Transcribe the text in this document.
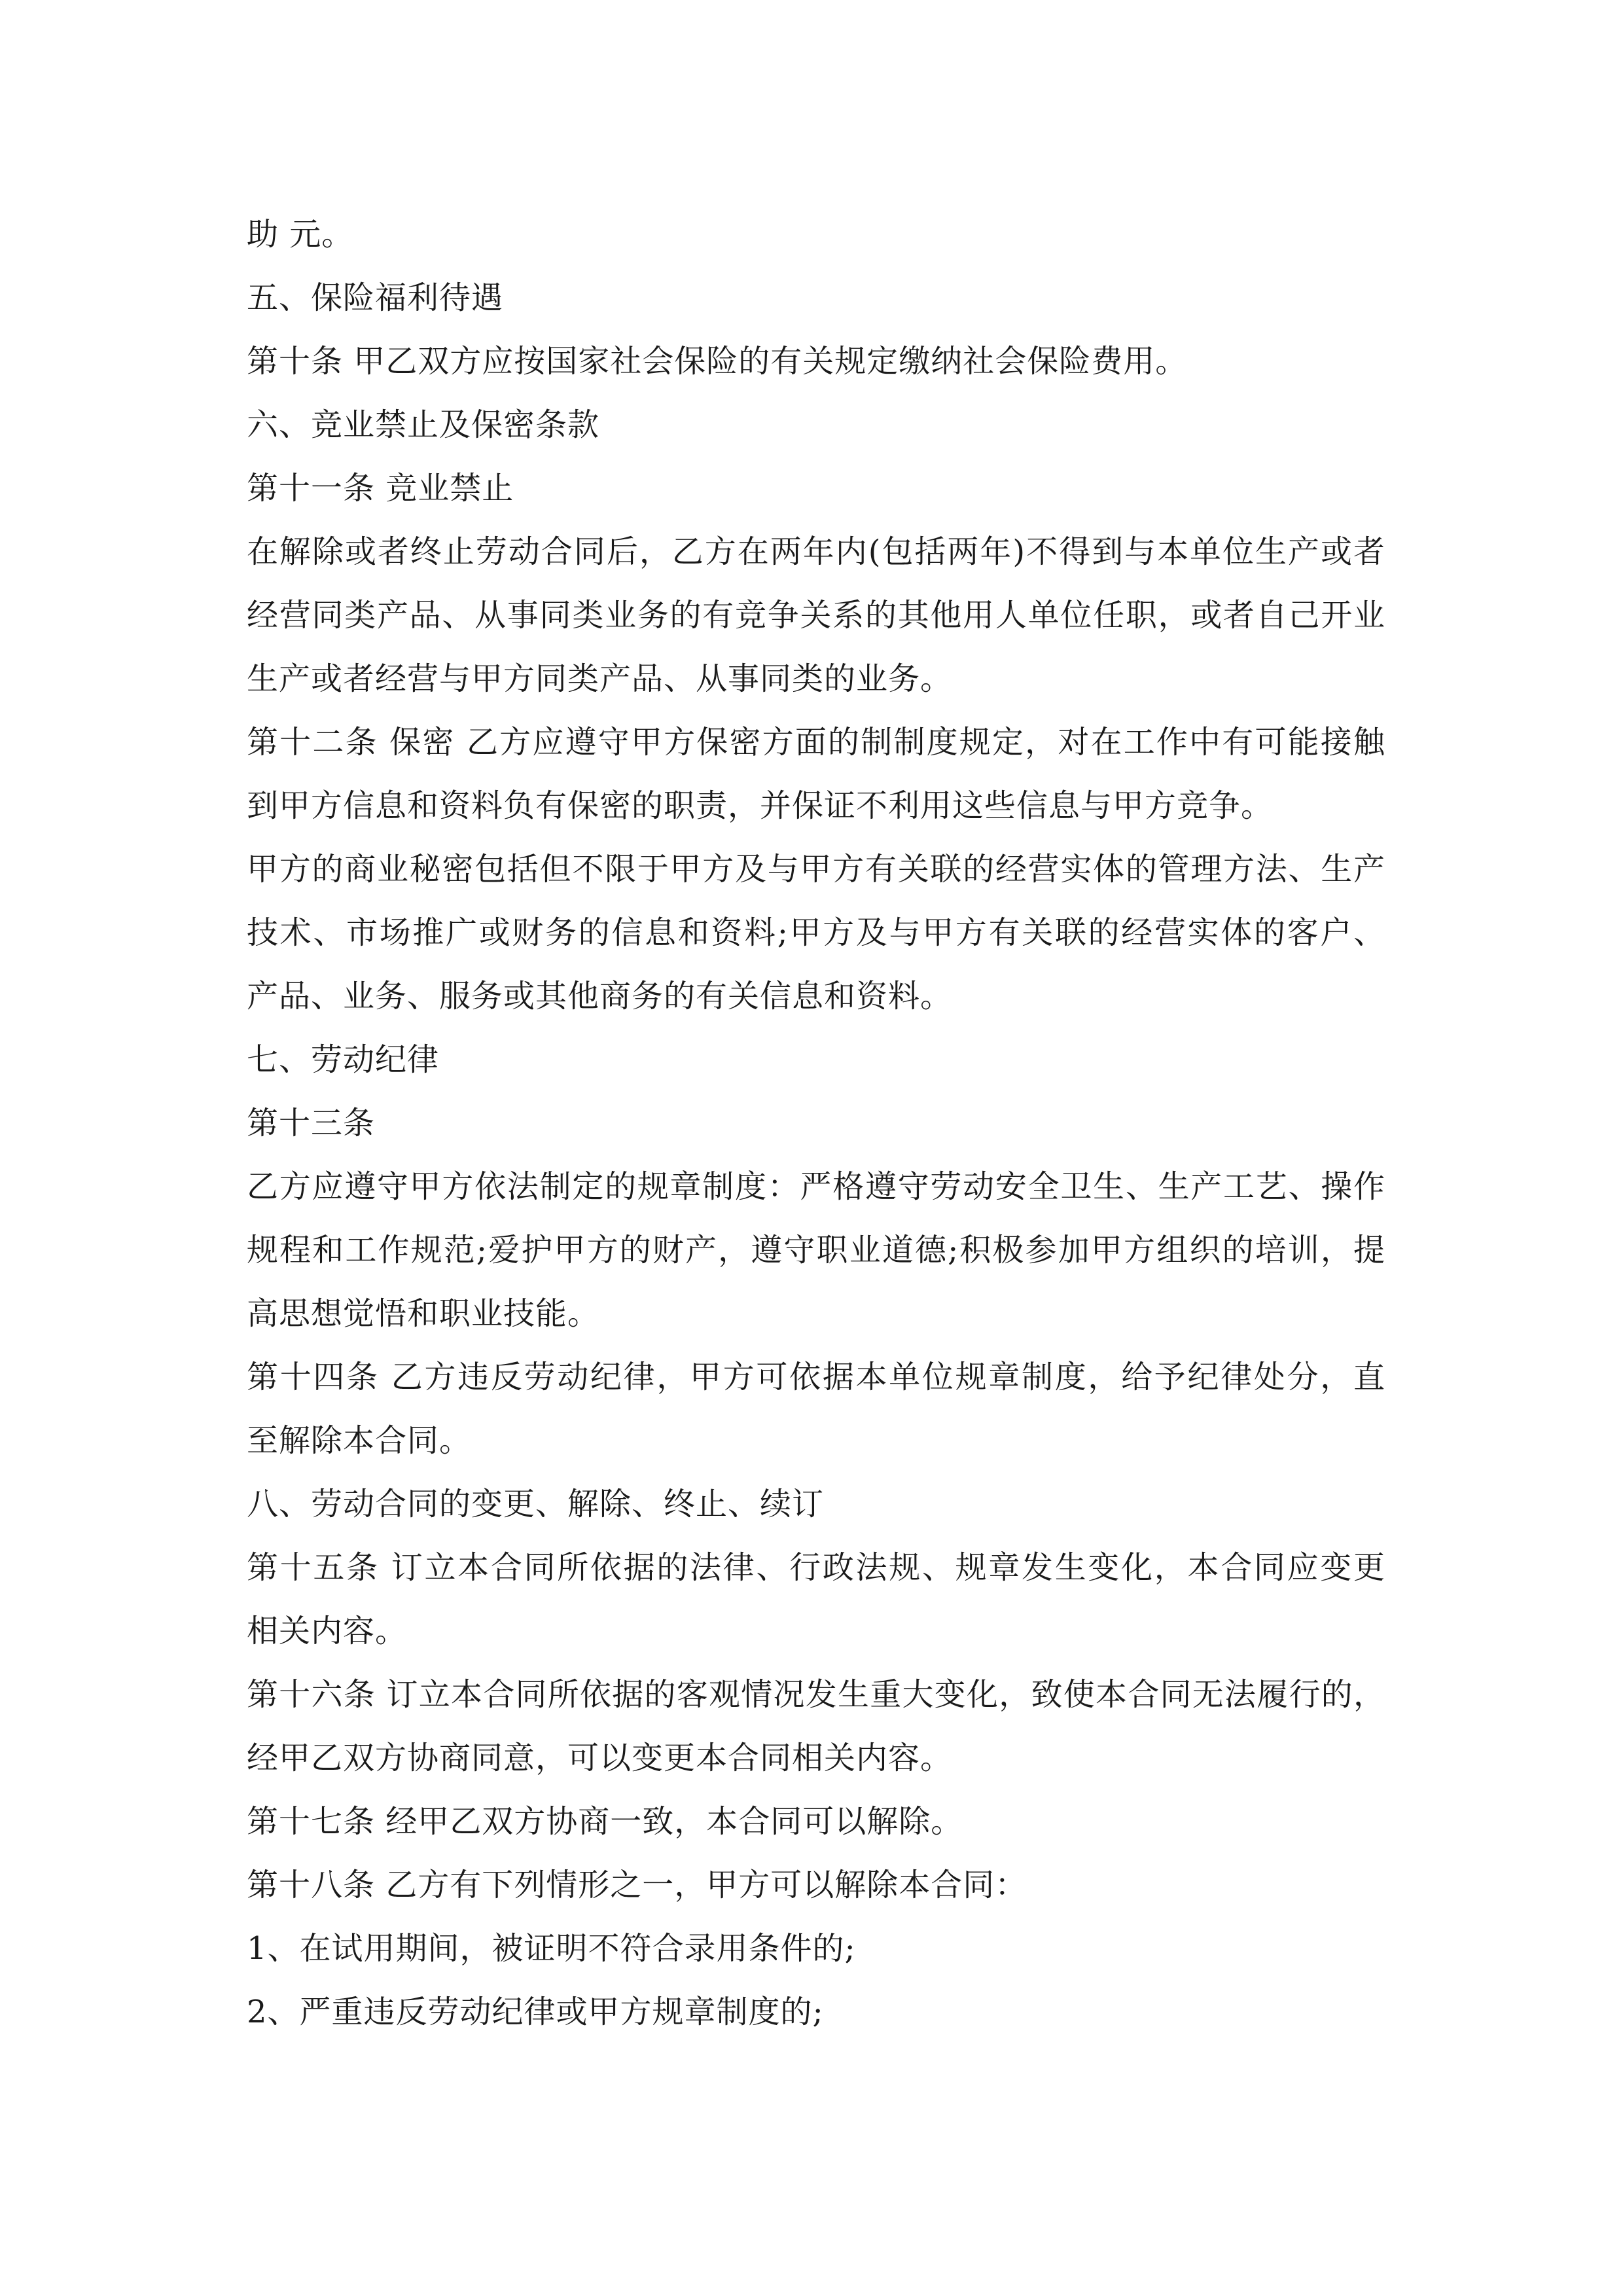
助 元。
五、保险福利待遇
第十条 甲乙双方应按国家社会保险的有关规定缴纳社会保险费用。
六、竞业禁止及保密条款
第十一条 竞业禁止
在解除或者终止劳动合同后，乙方在两年内(包括两年)不得到与本单位生产或者
经营同类产品、从事同类业务的有竞争关系的其他用人单位任职，或者自己开业
生产或者经营与甲方同类产品、从事同类的业务。
第十二条 保密 乙方应遵守甲方保密方面的制制度规定，对在工作中有可能接触
到甲方信息和资料负有保密的职责，并保证不利用这些信息与甲方竞争。
甲方的商业秘密包括但不限于甲方及与甲方有关联的经营实体的管理方法、生产
技术、市场推广或财务的信息和资料;甲方及与甲方有关联的经营实体的客户、
产品、业务、服务或其他商务的有关信息和资料。
七、劳动纪律
第十三条
乙方应遵守甲方依法制定的规章制度：严格遵守劳动安全卫生、生产工艺、操作
规程和工作规范;爱护甲方的财产，遵守职业道德;积极参加甲方组织的培训，提
高思想觉悟和职业技能。
第十四条 乙方违反劳动纪律，甲方可依据本单位规章制度，给予纪律处分，直
至解除本合同。
八、劳动合同的变更、解除、终止、续订
第十五条 订立本合同所依据的法律、行政法规、规章发生变化，本合同应变更
相关内容。
第十六条 订立本合同所依据的客观情况发生重大变化，致使本合同无法履行的，
经甲乙双方协商同意，可以变更本合同相关内容。
第十七条 经甲乙双方协商一致，本合同可以解除。
第十八条 乙方有下列情形之一，甲方可以解除本合同：
1、在试用期间，被证明不符合录用条件的;
2、严重违反劳动纪律或甲方规章制度的;
